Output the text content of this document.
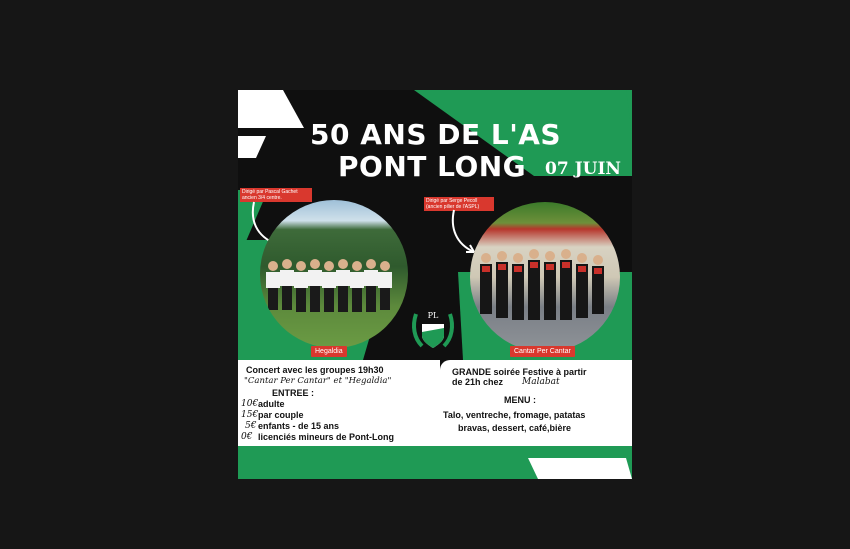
50 ANS DE L'AS
PONT LONG 07 JUIN
Dirigé par Pascal Gachet ancien 3/4 centre.	Dirigé par Serge Pecoll (ancien pilier de l'ASPL)
Hegaldia	Cantar Per Cantar
PL
Concert avec les groupes 19h30
"Cantar Per Cantar" et "Hegaldia"
ENTREE :
10€ adulte
15€ par couple
5€ enfants - de 15 ans
0€ licenciés mineurs de Pont-Long
GRANDE soirée Festive à partir
de 21h chez Malabat
MENU :
Talo, ventreche, fromage, patatas
bravas, dessert, café,bière
